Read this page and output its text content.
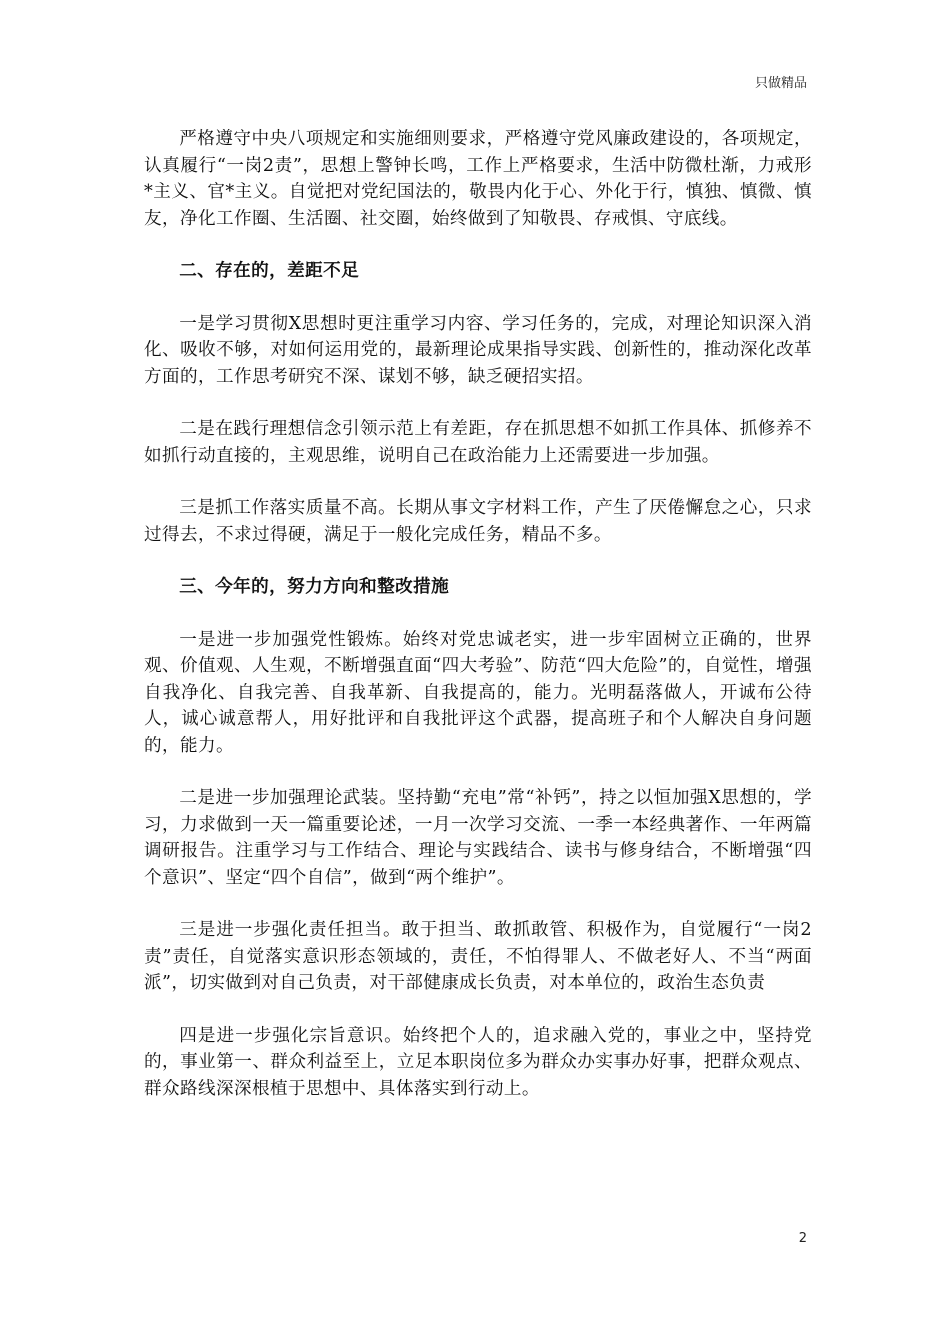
只做精品

严格遵守中央八项规定和实施细则要求，严格遵守党风廉政建设的，各项规定，认真履行“一岗2责”，思想上警钟长鸣，工作上严格要求，生活中防微杜渐，力戒形*主义、官*主义。自觉把对党纪国法的，敬畏内化于心、外化于行，慎独、慎微、慎友，净化工作圈、生活圈、社交圈，始终做到了知敬畏、存戒惧、守底线。

二、存在的，差距不足

一是学习贯彻X思想时更注重学习内容、学习任务的，完成，对理论知识深入消化、吸收不够，对如何运用党的，最新理论成果指导实践、创新性的，推动深化改革方面的，工作思考研究不深、谋划不够，缺乏硬招实招。

二是在践行理想信念引领示范上有差距，存在抓思想不如抓工作具体、抓修养不如抓行动直接的，主观思维，说明自己在政治能力上还需要进一步加强。

三是抓工作落实质量不高。长期从事文字材料工作，产生了厌倦懈怠之心，只求过得去，不求过得硬，满足于一般化完成任务，精品不多。

三、今年的，努力方向和整改措施

一是进一步加强党性锻炼。始终对党忠诚老实，进一步牢固树立正确的，世界观、价值观、人生观，不断增强直面“四大考验”、防范“四大危险”的，自觉性，增强自我净化、自我完善、自我革新、自我提高的，能力。光明磊落做人，开诚布公待人，诚心诚意帮人，用好批评和自我批评这个武器，提高班子和个人解决自身问题的，能力。

二是进一步加强理论武装。坚持勤“充电”常“补钙”，持之以恒加强X思想的，学习，力求做到一天一篇重要论述，一月一次学习交流、一季一本经典著作、一年两篇调研报告。注重学习与工作结合、理论与实践结合、读书与修身结合，不断增强“四个意识”、坚定“四个自信”，做到“两个维护”。

三是进一步强化责任担当。敢于担当、敢抓敢管、积极作为，自觉履行“一岗2责”责任，自觉落实意识形态领域的，责任，不怕得罪人、不做老好人、不当“两面派”，切实做到对自己负责，对干部健康成长负责，对本单位的，政治生态负责

四是进一步强化宗旨意识。始终把个人的，追求融入党的，事业之中，坚持党的，事业第一、群众利益至上，立足本职岗位多为群众办实事办好事，把群众观点、群众路线深深根植于思想中、具体落实到行动上。

2
